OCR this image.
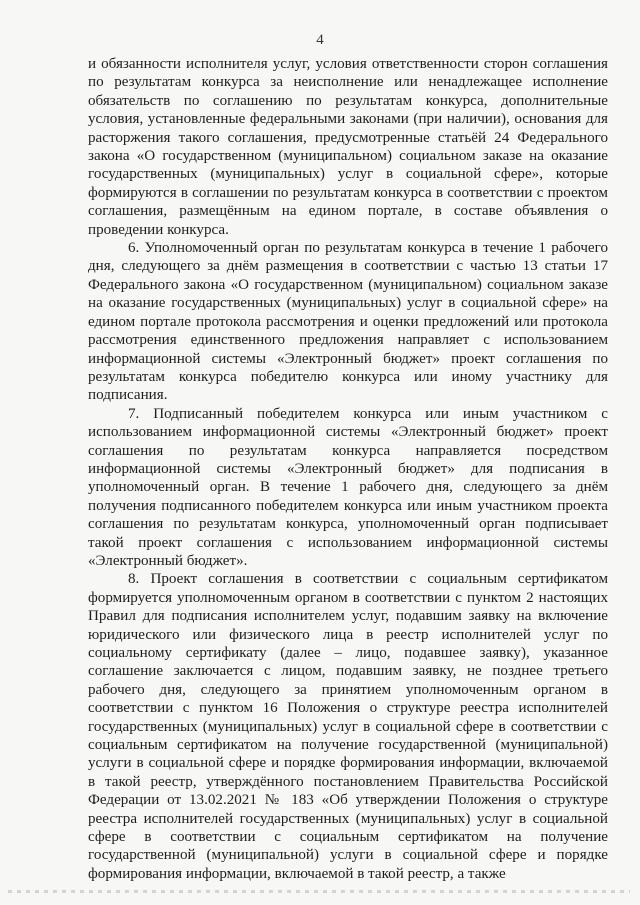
4

и обязанности исполнителя услуг, условия ответственности сторон соглашения по результатам конкурса за неисполнение или ненадлежащее исполнение обязательств по соглашению по результатам конкурса, дополнительные условия, установленные федеральными законами (при наличии), основания для расторжения такого соглашения, предусмотренные статьёй 24 Федерального закона «О государственном (муниципальном) социальном заказе на оказание государственных (муниципальных) услуг в социальной сфере», которые формируются в соглашении по результатам конкурса в соответствии с проектом соглашения, размещённым на едином портале, в составе объявления о проведении конкурса.

6. Уполномоченный орган по результатам конкурса в течение 1 рабочего дня, следующего за днём размещения в соответствии с частью 13 статьи 17 Федерального закона «О государственном (муниципальном) социальном заказе на оказание государственных (муниципальных) услуг в социальной сфере» на едином портале протокола рассмотрения и оценки предложений или протокола рассмотрения единственного предложения направляет с использованием информационной системы «Электронный бюджет» проект соглашения по результатам конкурса победителю конкурса или иному участнику для подписания.

7. Подписанный победителем конкурса или иным участником с использованием информационной системы «Электронный бюджет» проект соглашения по результатам конкурса направляется посредством информационной системы «Электронный бюджет» для подписания в уполномоченный орган. В течение 1 рабочего дня, следующего за днём получения подписанного победителем конкурса или иным участником проекта соглашения по результатам конкурса, уполномоченный орган подписывает такой проект соглашения с использованием информационной системы «Электронный бюджет».

8. Проект соглашения в соответствии с социальным сертификатом формируется уполномоченным органом в соответствии с пунктом 2 настоящих Правил для подписания исполнителем услуг, подавшим заявку на включение юридического или физического лица в реестр исполнителей услуг по социальному сертификату (далее – лицо, подавшее заявку), указанное соглашение заключается с лицом, подавшим заявку, не позднее третьего рабочего дня, следующего за принятием уполномоченным органом в соответствии с пунктом 16 Положения о структуре реестра исполнителей государственных (муниципальных) услуг в социальной сфере в соответствии с социальным сертификатом на получение государственной (муниципальной) услуги в социальной сфере и порядке формирования информации, включаемой в такой реестр, утверждённого постановлением Правительства Российской Федерации от 13.02.2021 № 183 «Об утверждении Положения о структуре реестра исполнителей государственных (муниципальных) услуг в социальной сфере в соответствии с социальным сертификатом на получение государственной (муниципальной) услуги в социальной сфере и порядке формирования информации, включаемой в такой реестр, а также
